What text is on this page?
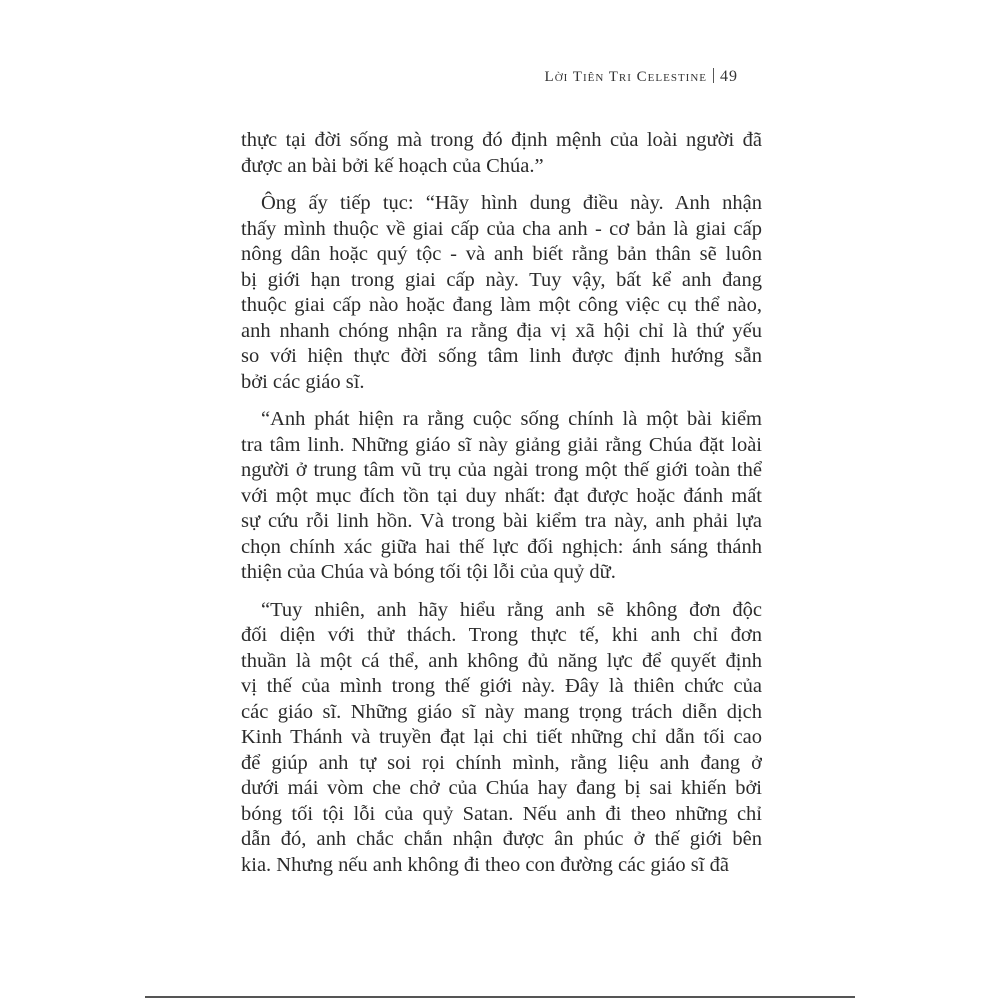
Lời Tiên Tri Celestine 49

thực tại đời sống mà trong đó định mệnh của loài người đã
được an bài bởi kế hoạch của Chúa.”

Ông ấy tiếp tục: “Hãy hình dung điều này. Anh nhận
thấy mình thuộc về giai cấp của cha anh - cơ bản là giai cấp
nông dân hoặc quý tộc - và anh biết rằng bản thân sẽ luôn
bị giới hạn trong giai cấp này. Tuy vậy, bất kể anh đang
thuộc giai cấp nào hoặc đang làm một công việc cụ thể nào,
anh nhanh chóng nhận ra rằng địa vị xã hội chỉ là thứ yếu
so với hiện thực đời sống tâm linh được định hướng sẵn
bởi các giáo sĩ.

“Anh phát hiện ra rằng cuộc sống chính là một bài kiểm
tra tâm linh. Những giáo sĩ này giảng giải rằng Chúa đặt loài
người ở trung tâm vũ trụ của ngài trong một thế giới toàn thể
với một mục đích tồn tại duy nhất: đạt được hoặc đánh mất
sự cứu rỗi linh hồn. Và trong bài kiểm tra này, anh phải lựa
chọn chính xác giữa hai thế lực đối nghịch: ánh sáng thánh
thiện của Chúa và bóng tối tội lỗi của quỷ dữ.

“Tuy nhiên, anh hãy hiểu rằng anh sẽ không đơn độc
đối diện với thử thách. Trong thực tế, khi anh chỉ đơn
thuần là một cá thể, anh không đủ năng lực để quyết định
vị thế của mình trong thế giới này. Đây là thiên chức của
các giáo sĩ. Những giáo sĩ này mang trọng trách diễn dịch
Kinh Thánh và truyền đạt lại chi tiết những chỉ dẫn tối cao
để giúp anh tự soi rọi chính mình, rằng liệu anh đang ở
dưới mái vòm che chở của Chúa hay đang bị sai khiến bởi
bóng tối tội lỗi của quỷ Satan. Nếu anh đi theo những chỉ
dẫn đó, anh chắc chắn nhận được ân phúc ở thế giới bên
kia. Nhưng nếu anh không đi theo con đường các giáo sĩ đã
